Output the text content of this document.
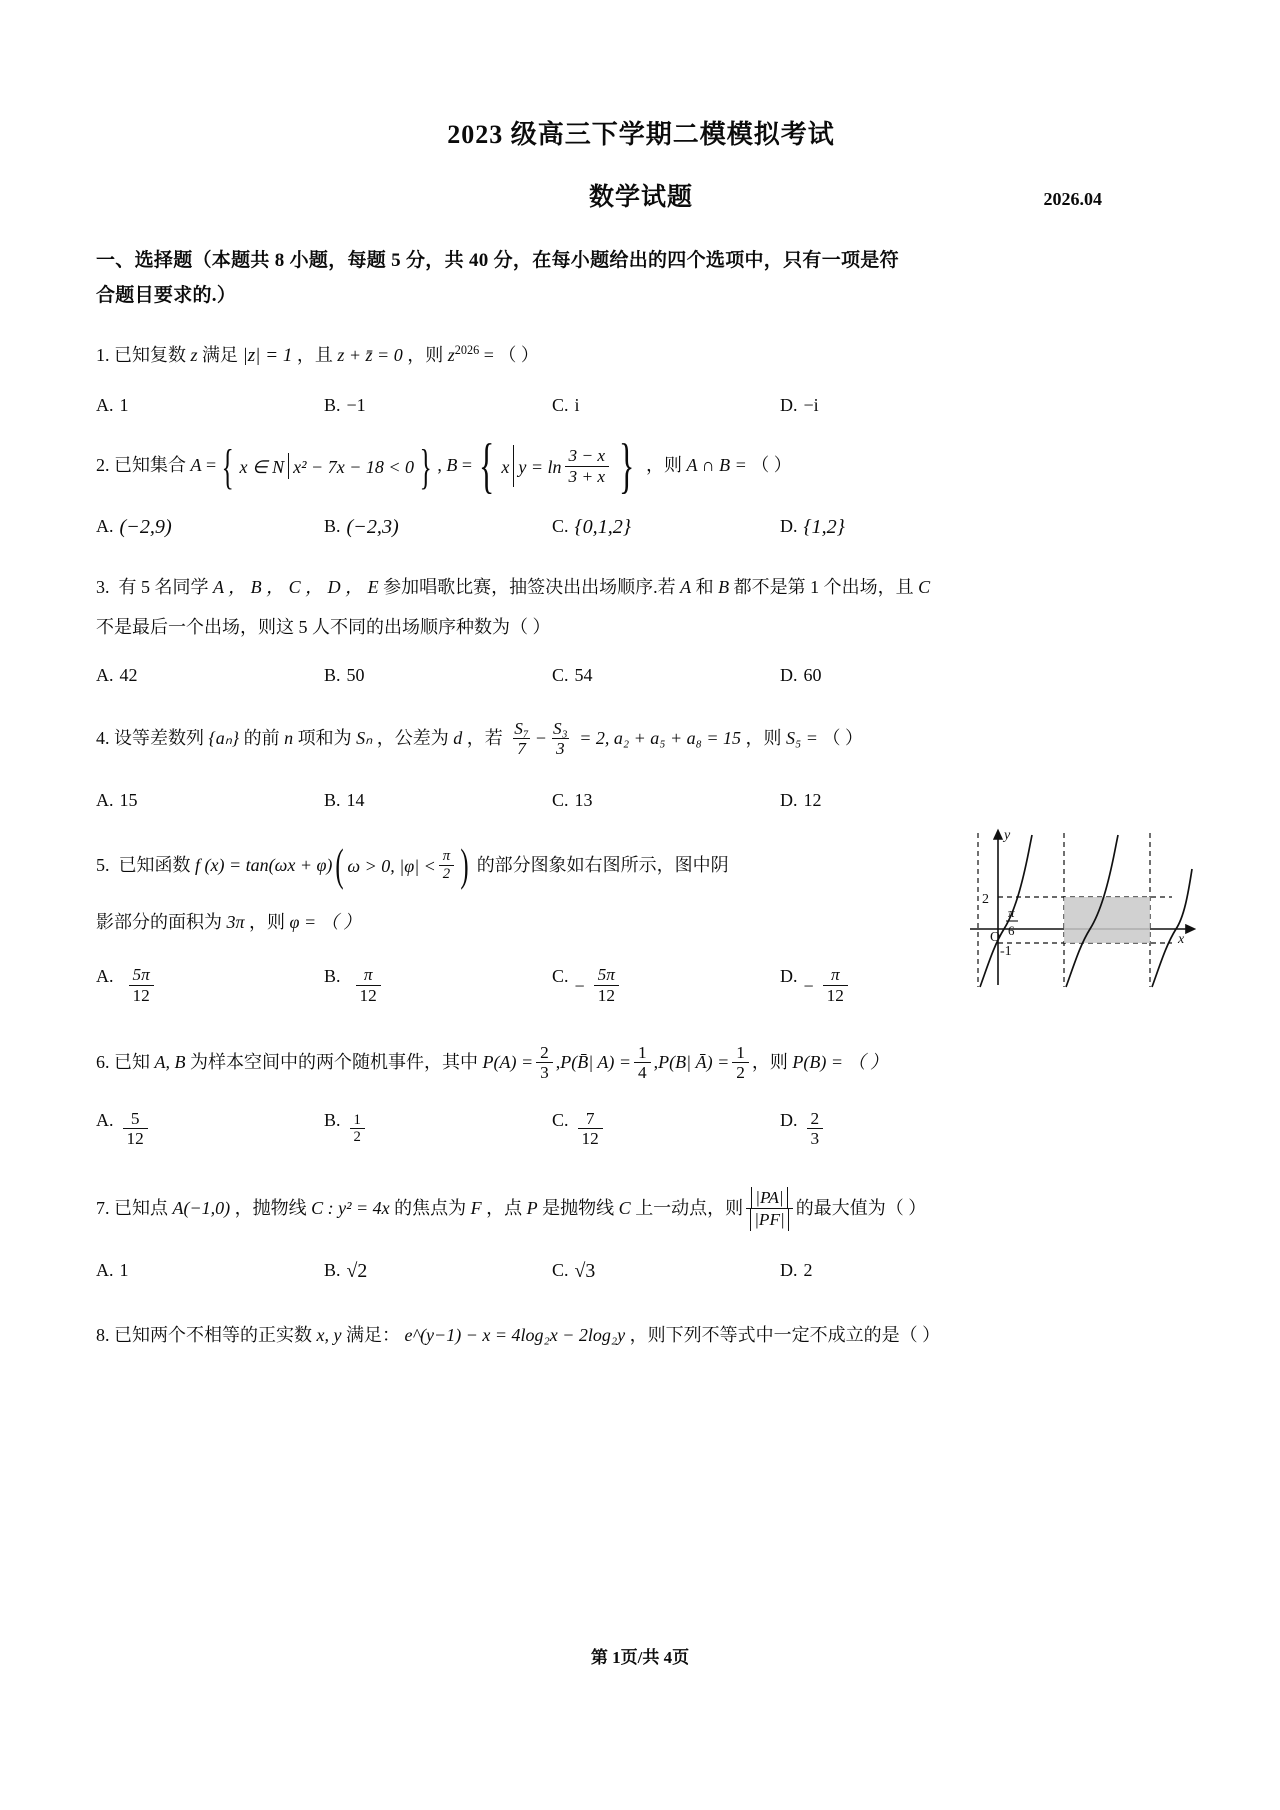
2023 级高三下学期二模模拟考试
数学试题	2026.04
一、选择题（本题共 8 小题，每题 5 分，共 40 分，在每小题给出的四个选项中，只有一项是符
合题目要求的.）
1. 已知复数 z 满足 |z| = 1 ，且 z + z̄ = 0 ，则 $z^{2026}$ = （ ）
A. 1	B. −1	C. i	D. −i
2. 已知集合 A = { x ∈ N x² − 7x − 18 < 0 } , B = { x $y = \ln \frac{3 - x}{3 + x}$ } ，则 A ∩ B = （ ）
A. (−2,9)	B. (−2,3)	C. {0,1,2}	D. {1,2}
3. 有 5 名同学 A ， B ， C ， D ， E 参加唱歌比赛，抽签决出出场顺序.若 A 和 B 都不是第 1 个出场，且 C
不是最后一个出场，则这 5 人不同的出场顺序种数为（ ）
A. 42	B. 50	C. 54	D. 60
4. 设等差数列 {aₙ} 的前 n 项和为 Sₙ ，公差为 d ，若 $\frac{\text{S₇}}{7} - \frac{\text{S₃}}{3} = 2$, a₂ + a₅ + a₈ = 15 ，则 S₅ = （ ）
A. 15	B. 14	C. 13	D. 12
5. 已知函数 f (x) = tan(ωx + φ) ( ω > 0,
$|\varphi| < \frac{\pi}{2}$ ) 的部分图象如右图所示，图中阴
影部分的面积为 3π ，则 φ = （ ）
y
x
2
O
-1
π
6
A. $\frac{5\pi}{12}$	B. $\frac{\pi}{12}$	C. − $\frac{5\pi}{12}$	D. − $\frac{\pi}{12}$
6. 已知 A, B 为样本空间中的两个随机事件，其中 $P(A) = \frac{2}{3}$ ,P(B̄| $A) = \frac{1}{4} ,P(B|$ Ā) = $\frac{1}{2}$ ，则 P(B) = （ ）
A. $\frac{5}{12}$	B. $\frac{1}{2}$	C. $\frac{7}{12}$	D. $\frac{2}{3}$
7. 已知点 A(−1,0) ，抛物线 C : y² = 4x 的焦点为 F ，点 P 是抛物线 C 上一动点，则 $\frac{|PA|}{|PF|}$ 的最大值为（ ）
A. 1	B. √2	C. √3	D. 2
8. 已知两个不相等的正实数 x, y 满足： e^(y−1) − x = 4log₂x − 2log₂y ，则下列不等式中一定不成立的是（ ）
第 1页/共 4页
